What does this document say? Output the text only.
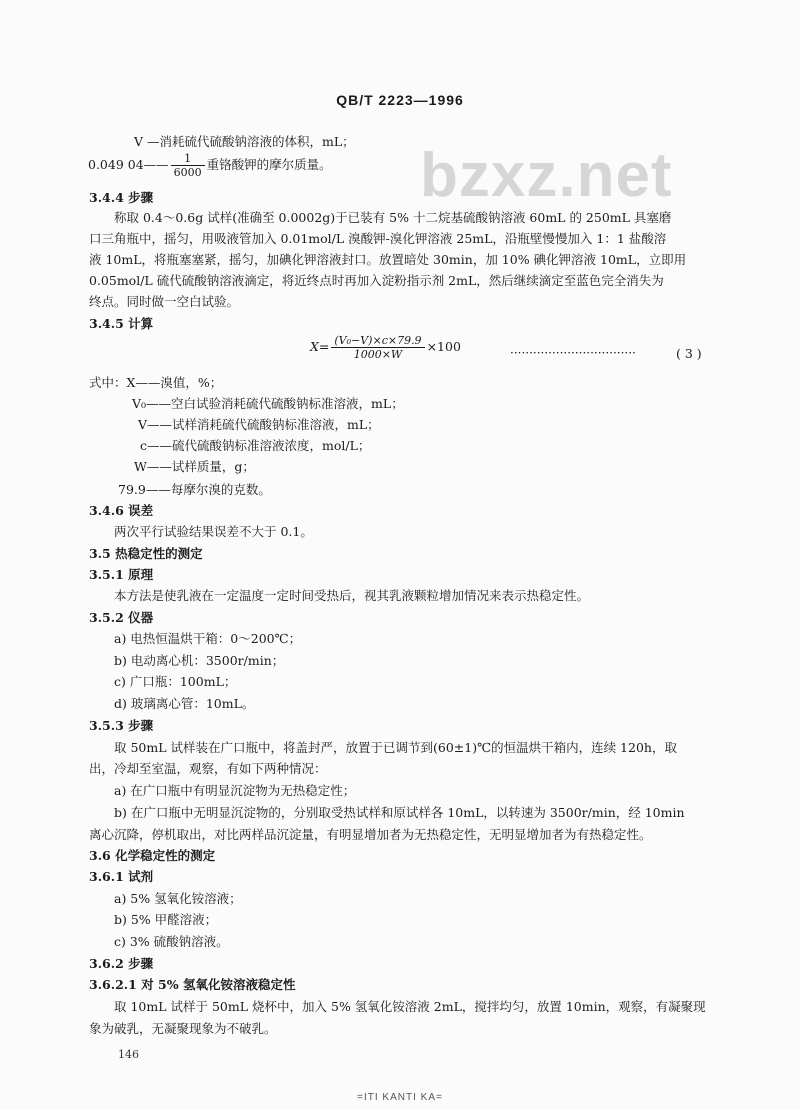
QB/T 2223—1996
bzxz.net
V —消耗硫代硫酸钠溶液的体积，mL；
0.049 04—— $\frac{1}{6000}$ 重铬酸钾的摩尔质量。
3.4.4 步骤
称取 0.4～0.6g 试样(准确至 0.0002g)于已装有 5% 十二烷基硫酸钠溶液 60mL 的 250mL 具塞磨
口三角瓶中，摇匀，用吸液管加入 0.01mol/L 溴酸钾-溴化钾溶液 25mL，沿瓶壁慢慢加入 1：1 盐酸溶
液 10mL，将瓶塞塞紧，摇匀，加碘化钾溶液封口。放置暗处 30min，加 10% 碘化钾溶液 10mL，立即用
0.05mol/L 硫代硫酸钠溶液滴定，将近终点时再加入淀粉指示剂 2mL，然后继续滴定至蓝色完全消失为
终点。同时做一空白试验。
3.4.5 计算
$X= \frac{\text{(V₀−V)×c×79.9}}{1000\times W} \times 100$	·································	( 3 )
式中：X——溴值，%；
V₀——空白试验消耗硫代硫酸钠标准溶液，mL；
V——试样消耗硫代硫酸钠标准溶液，mL；
c——硫代硫酸钠标准溶液浓度，mol/L；
W——试样质量，g；
79.9——每摩尔溴的克数。
3.4.6 误差
两次平行试验结果误差不大于 0.1。
3.5 热稳定性的测定
3.5.1 原理
本方法是使乳液在一定温度一定时间受热后，视其乳液颗粒增加情况来表示热稳定性。
3.5.2 仪器
a) 电热恒温烘干箱：0～200℃；
b) 电动离心机：3500r/min；
c) 广口瓶：100mL；
d) 玻璃离心管：10mL。
3.5.3 步骤
取 50mL 试样装在广口瓶中，将盖封严，放置于已调节到(60±1)℃的恒温烘干箱内，连续 120h，取
出，冷却至室温，观察，有如下两种情况：
a) 在广口瓶中有明显沉淀物为无热稳定性；
b) 在广口瓶中无明显沉淀物的，分别取受热试样和原试样各 10mL，以转速为 3500r/min，经 10min
离心沉降，停机取出，对比两样品沉淀量，有明显增加者为无热稳定性，无明显增加者为有热稳定性。
3.6 化学稳定性的测定
3.6.1 试剂
a) 5% 氢氧化铵溶液；
b) 5% 甲醛溶液；
c) 3% 硫酸钠溶液。
3.6.2 步骤
3.6.2.1 对 5% 氢氧化铵溶液稳定性
取 10mL 试样于 50mL 烧杯中，加入 5% 氢氧化铵溶液 2mL，搅拌均匀，放置 10min，观察，有凝聚现
象为破乳，无凝聚现象为不破乳。
146
=ITI KANTI KA=
